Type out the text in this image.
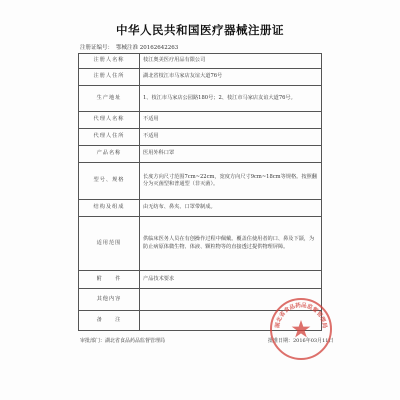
中华人民共和国医疗器械注册证
注册证编号： 鄂械注准 20162642263
注册人名称	枝江奥美医疗用品有限公司
注册人住所	湖北省枝江市马家店友谊大道76号
生产地址	1、枝江市马家店公园路180号；2、枝江市马家店友谊大道76号。
代理人名称	不适用
代理人住所	不适用
产品名称	医用外科口罩
型号、规格	长度方向尺寸范围7cm~22cm，宽度方向尺寸9cm~18cm等规格。按照翻分为灭菌型和普通型（非灭菌）。
结构及组成	由无纺布、鼻夹、口罩带制成。
适用范围	供临床医务人员在有创操作过程中佩戴。覆盖住使用者的口、鼻及下颌，为防止病原体微生物、体液、颗粒物等的直接透过提供物理屏障。
附　　件	产品技术要求
其他内容	
备　　注	
审批部门：湖北省食品药品监督管理局	批准日期：2016年03月11日
湖北省食品药品监督管理局
